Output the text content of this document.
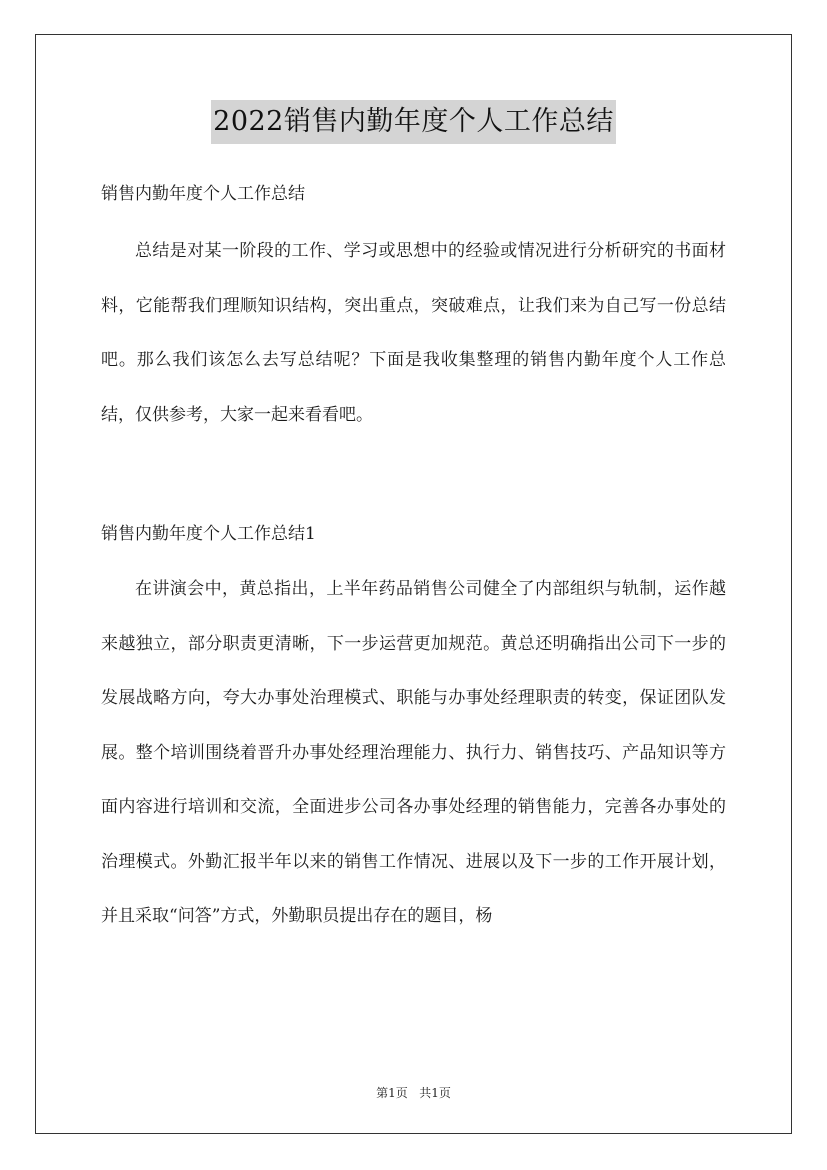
2022销售内勤年度个人工作总结

销售内勤年度个人工作总结

总结是对某一阶段的工作、学习或思想中的经验或情况进行分析研究的书面材料，它能帮我们理顺知识结构，突出重点，突破难点，让我们来为自己写一份总结吧。那么我们该怎么去写总结呢？下面是我收集整理的销售内勤年度个人工作总结，仅供参考，大家一起来看看吧。

销售内勤年度个人工作总结1

在讲演会中，黄总指出，上半年药品销售公司健全了内部组织与轨制，运作越来越独立，部分职责更清晰，下一步运营更加规范。黄总还明确指出公司下一步的发展战略方向，夸大办事处治理模式、职能与办事处经理职责的转变，保证团队发展。整个培训围绕着晋升办事处经理治理能力、执行力、销售技巧、产品知识等方面内容进行培训和交流，全面进步公司各办事处经理的销售能力，完善各办事处的治理模式。外勤汇报半年以来的销售工作情况、进展以及下一步的工作开展计划，并且采取“问答”方式，外勤职员提出存在的题目，杨

第1页 共1页
